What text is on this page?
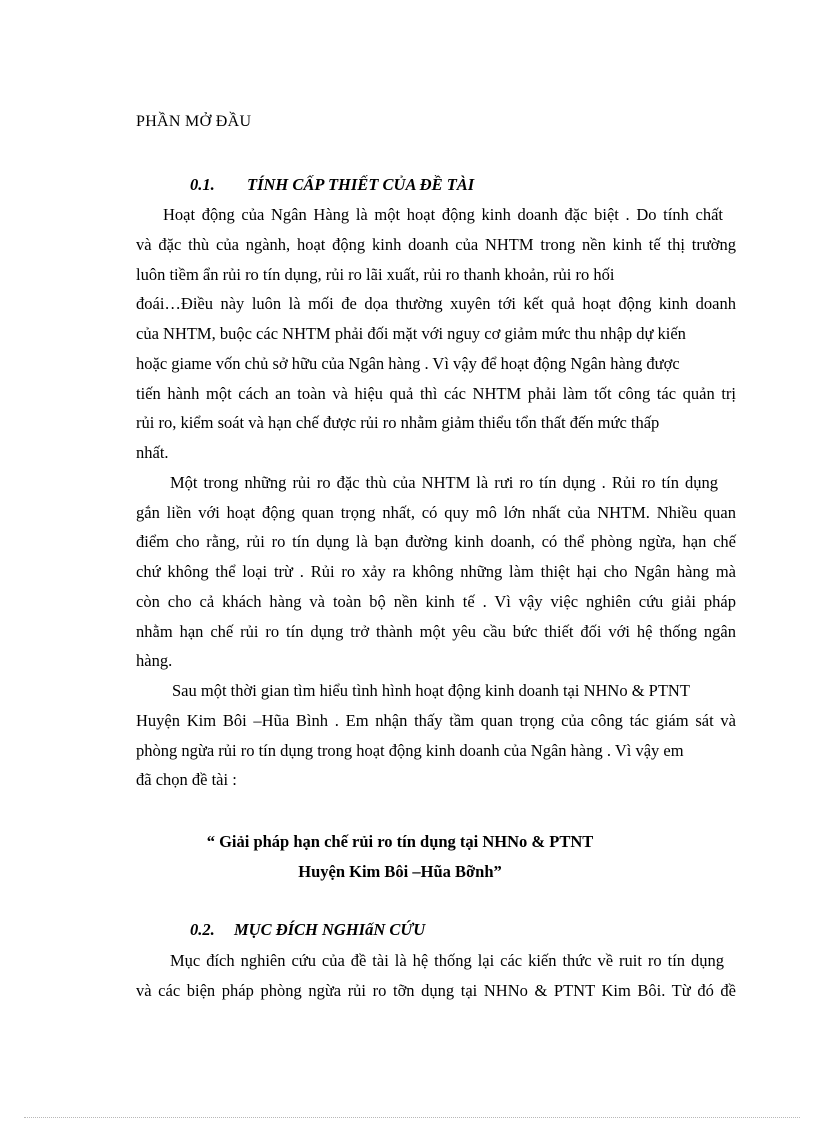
PHẦN MỞ ĐẦU
0.1. TÍNH CẤP THIẾT CỦA ĐỀ TÀI
Hoạt động của Ngân Hàng là một hoạt động kinh doanh đặc biệt . Do tính chất
và đặc thù của ngành, hoạt động kinh doanh của NHTM trong nền kinh tế thị trường
luôn tiềm ẩn rủi ro tín dụng, rủi ro lãi xuất, rủi ro thanh khoản, rủi ro hối
đoái…Điều này luôn là mối đe dọa thường xuyên tới kết quả hoạt động kinh doanh
của NHTM, buộc các NHTM phải đối mặt với nguy cơ giảm mức thu nhập dự kiến
hoặc giame vốn chủ sở hữu của Ngân hàng . Vì vậy để hoạt động Ngân hàng được
tiến hành một cách an toàn và hiệu quả thì các NHTM phải làm tốt công tác quản trị
rủi ro, kiểm soát và hạn chế được rủi ro nhằm giảm thiểu tổn thất đến mức thấp
nhất.
Một trong những rủi ro đặc thù của NHTM là rưi ro tín dụng . Rủi ro tín dụng
gắn liền với hoạt động quan trọng nhất, có quy mô lớn nhất của NHTM. Nhiều quan
điểm cho rằng, rủi ro tín dụng là bạn đường kinh doanh, có thể phòng ngừa, hạn chế
chứ không thể loại trừ . Rủi ro xảy ra không những làm thiệt hại cho Ngân hàng mà
còn cho cả khách hàng và toàn bộ nền kinh tế . Vì vậy việc nghiên cứu giải pháp
nhằm hạn chế rủi ro tín dụng trở thành một yêu cầu bức thiết đối với hệ thống ngân
hàng.
Sau một thời gian tìm hiểu tình hình hoạt động kinh doanh tại NHNo & PTNT
Huyện Kim Bôi –Hũa Bình . Em nhận thấy tầm quan trọng của công tác giám sát và
phòng ngừa rủi ro tín dụng trong hoạt động kinh doanh của Ngân hàng . Vì vậy em
đã chọn đề tài :
“ Giải pháp hạn chế rủi ro tín dụng tại NHNo & PTNT
Huyện Kim Bôi –Hũa Bỡnh”
0.2. MỤC ĐÍCH NGHIấN CỨU
Mục đích nghiên cứu của đề tài là hệ thống lại các kiến thức về ruit ro tín dụng
và các biện pháp phòng ngừa rủi ro tỡn dụng tại NHNo & PTNT Kim Bôi. Từ đó đề
